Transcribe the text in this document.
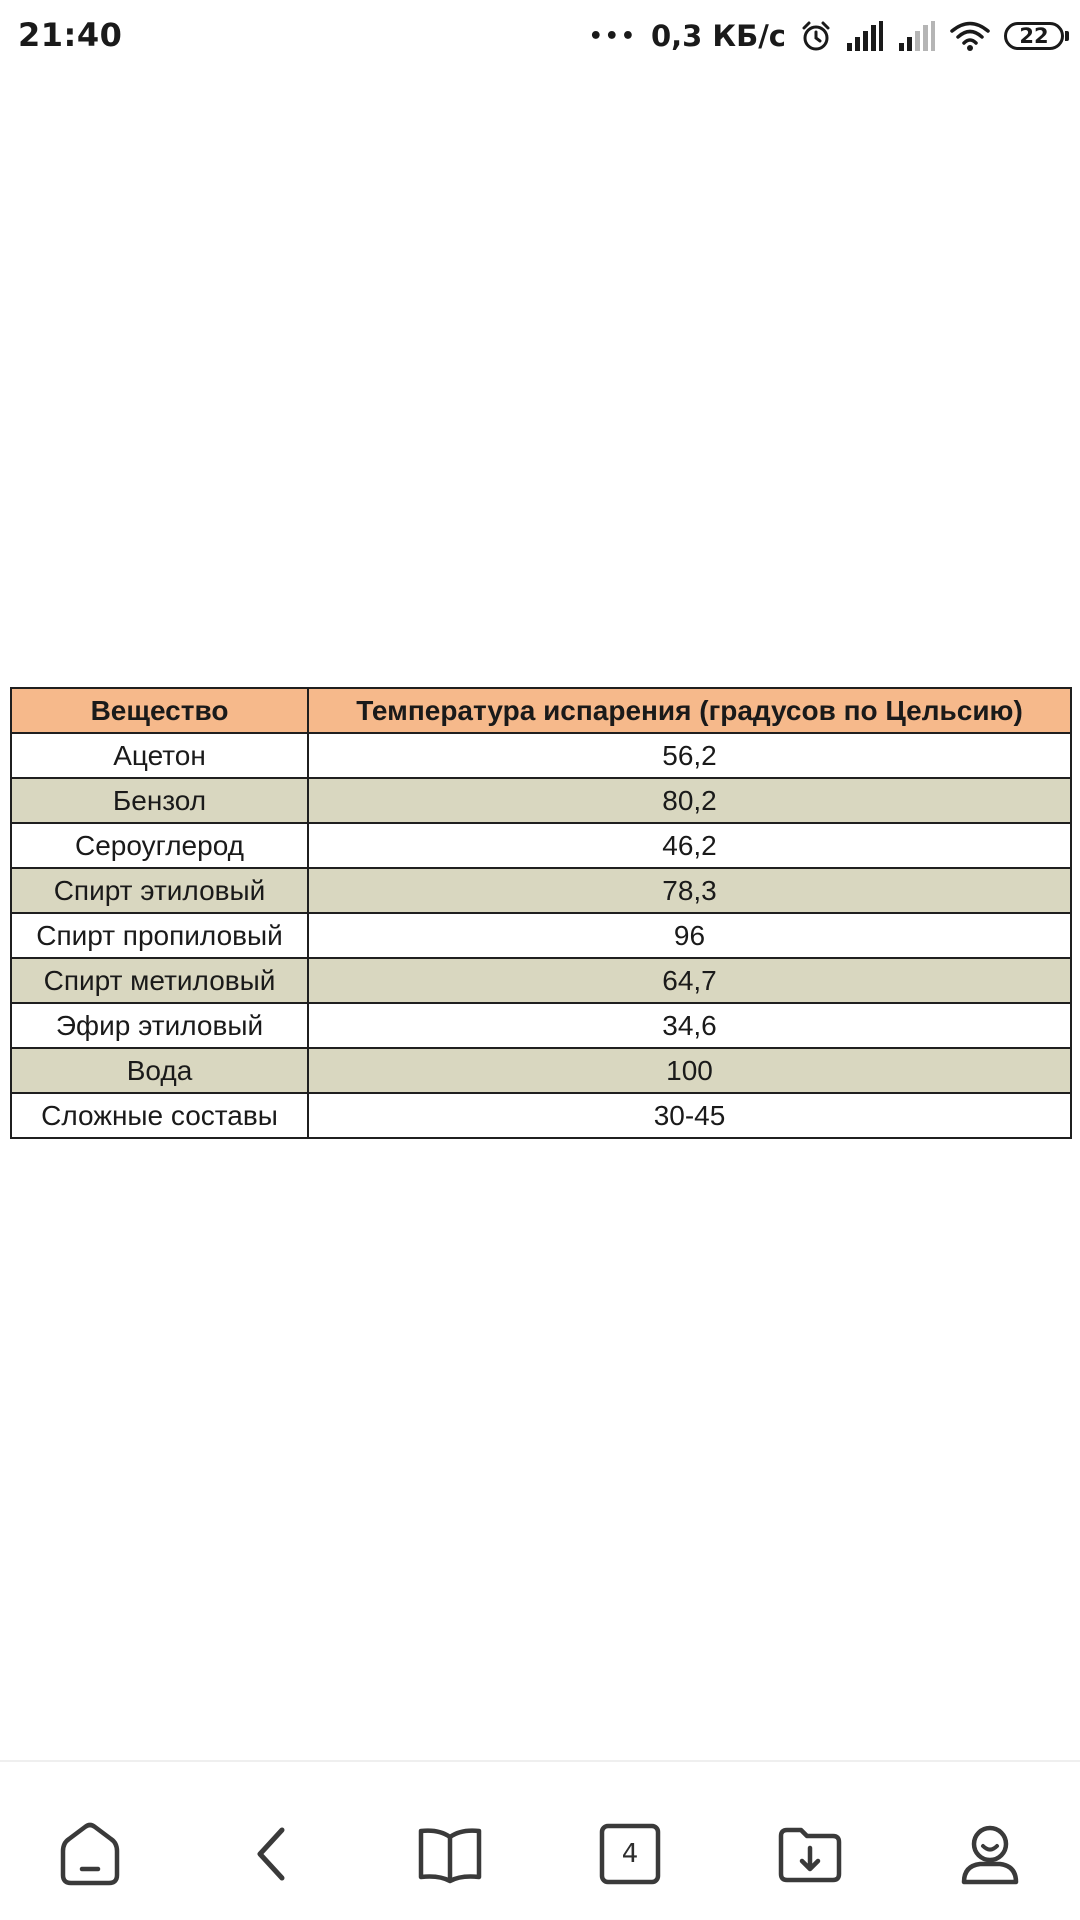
21:40	••• 0,3 КБ/с	22
Вещество	Температура испарения (градусов по Цельсию)
Ацетон	56,2
Бензол	80,2
Сероуглерод	46,2
Спирт этиловый	78,3
Спирт пропиловый	96
Спирт метиловый	64,7
Эфир этиловый	34,6
Вода	100
Сложные составы	30-45
4
